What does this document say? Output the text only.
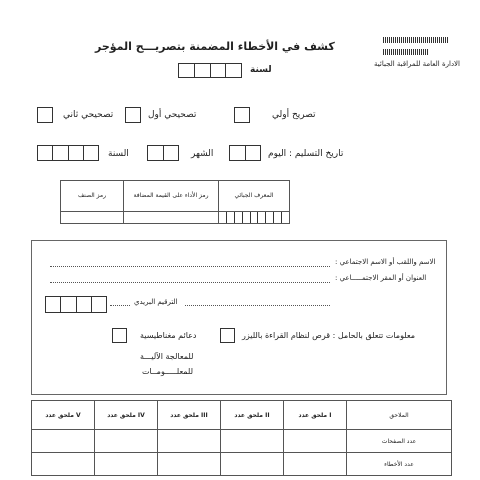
الادارة العامة للمراقبة الجبائية
كشف في الأخطاء المضمنة بتصريـــح المؤجر
لسنة
تصريح أولي
تصحيحي أول
تصحيحي ثاني
تاريخ التسليم : اليوم
الشهر
السنة
رمز الصنف	رمز الأداء على القيمة المضافة	المعرف الجبائي

الاسم واللقب أو الاسم الاجتماعي :
العنوان أو المقر الاجتمـــــاعي :
الترقيم البريدي
معلومات تتعلق بالحامل : قرص لنظام القراءة بالليزر
دعائم مغناطيسية
للمعالجة الآليـــة
للمعلـــــومــات
ملحق عدد V	ملحق عدد IV	ملحق عدد III	ملحق عدد II	ملحق عدد I	الملاحق
					عدد الصفحات
					عدد الأخطاء
